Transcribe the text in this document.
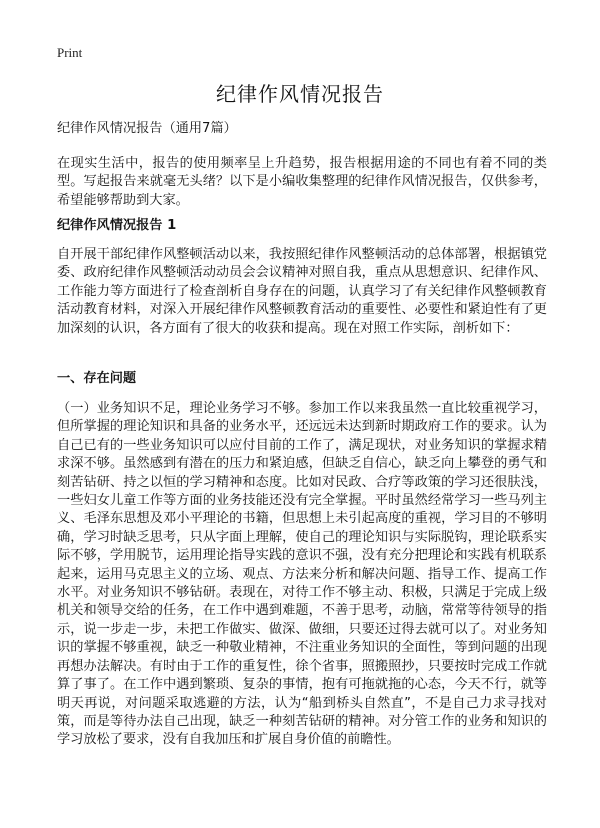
Print
纪律作风情况报告

纪律作风情况报告（通用7篇）

在现实生活中，报告的使用频率呈上升趋势，报告根据用途的不同也有着不同的类型。写起报告来就毫无头绪？以下是小编收集整理的纪律作风情况报告，仅供参考，希望能够帮助到大家。

纪律作风情况报告 1

自开展干部纪律作风整顿活动以来，我按照纪律作风整顿活动的总体部署，根据镇党委、政府纪律作风整顿活动动员会会议精神对照自我，重点从思想意识、纪律作风、工作能力等方面进行了检查剖析自身存在的问题，认真学习了有关纪律作风整顿教育活动教育材料，对深入开展纪律作风整顿教育活动的重要性、必要性和紧迫性有了更加深刻的认识，各方面有了很大的收获和提高。现在对照工作实际，剖析如下：

一、存在问题

（一）业务知识不足，理论业务学习不够。参加工作以来我虽然一直比较重视学习，但所掌握的理论知识和具备的业务水平，还远远未达到新时期政府工作的要求。认为自己已有的一些业务知识可以应付目前的工作了，满足现状，对业务知识的掌握求精求深不够。虽然感到有潜在的压力和紧迫感，但缺乏自信心，缺乏向上攀登的勇气和刻苦钻研、持之以恒的学习精神和态度。比如对民政、合疗等政策的学习还很肤浅，一些妇女儿童工作等方面的业务技能还没有完全掌握。平时虽然经常学习一些马列主义、毛泽东思想及邓小平理论的书籍，但思想上未引起高度的重视，学习目的不够明确，学习时缺乏思考，只从字面上理解，使自己的理论知识与实际脱钩，理论联系实际不够，学用脱节，运用理论指导实践的意识不强，没有充分把理论和实践有机联系起来，运用马克思主义的立场、观点、方法来分析和解决问题、指导工作、提高工作水平。对业务知识不够钻研。表现在，对待工作不够主动、积极，只满足于完成上级机关和领导交给的任务，在工作中遇到难题，不善于思考，动脑，常常等待领导的指示，说一步走一步，未把工作做实、做深、做细，只要还过得去就可以了。对业务知识的掌握不够重视，缺乏一种敬业精神，不注重业务知识的全面性，等到问题的出现再想办法解决。有时由于工作的重复性，徐个省事，照搬照抄，只要按时完成工作就算了事了。在工作中遇到繁琐、复杂的事情，抱有可拖就拖的心态，今天不行，就等明天再说，对问题采取逃避的方法，认为“船到桥头自然直”，不是自己力求寻找对策，而是等待办法自己出现，缺乏一种刻苦钻研的精神。对分管工作的业务和知识的学习放松了要求，没有自我加压和扩展自身价值的前瞻性。
